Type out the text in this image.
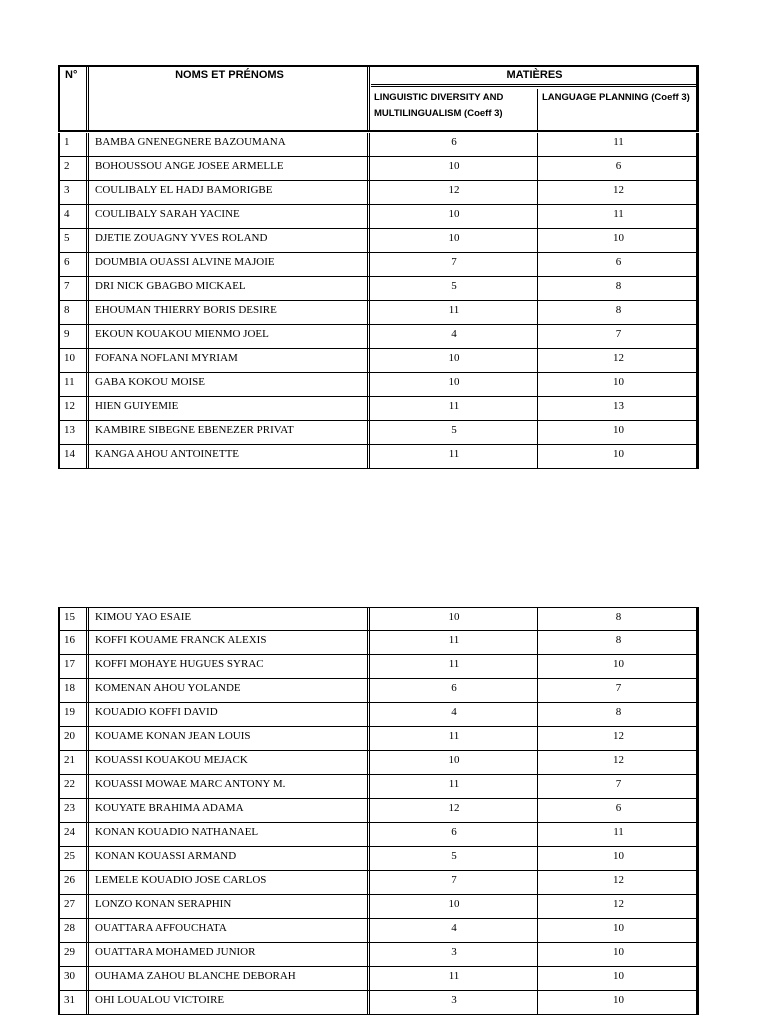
N°	NOMS ET PRÉNOMS	MATIÈRES
LINGUISTIC DIVERSITY AND MULTILINGUALISM (Coeff 3)
LANGUAGE PLANNING (Coeff 3)
1	BAMBA GNENEGNERE BAZOUMANA	6	11
2	BOHOUSSOU ANGE JOSEE ARMELLE	10	6
3	COULIBALY EL HADJ BAMORIGBE	12	12
4	COULIBALY SARAH YACINE	10	11
5	DJETIE ZOUAGNY YVES ROLAND	10	10
6	DOUMBIA OUASSI ALVINE MAJOIE	7	6
7	DRI NICK GBAGBO MICKAEL	5	8
8	EHOUMAN THIERRY BORIS DESIRE	11	8
9	EKOUN KOUAKOU MIENMO JOEL	4	7
10	FOFANA NOFLANI MYRIAM	10	12
11	GABA KOKOU MOISE	10	10
12	HIEN GUIYEMIE	11	13
13	KAMBIRE SIBEGNE EBENEZER PRIVAT	5	10
14	KANGA AHOU ANTOINETTE	11	10
15	KIMOU YAO ESAIE	10	8
16	KOFFI KOUAME FRANCK ALEXIS	11	8
17	KOFFI MOHAYE HUGUES SYRAC	11	10
18	KOMENAN AHOU YOLANDE	6	7
19	KOUADIO KOFFI DAVID	4	8
20	KOUAME KONAN JEAN LOUIS	11	12
21	KOUASSI KOUAKOU MEJACK	10	12
22	KOUASSI MOWAE MARC ANTONY M.	11	7
23	KOUYATE BRAHIMA ADAMA	12	6
24	KONAN KOUADIO NATHANAEL	6	11
25	KONAN KOUASSI ARMAND	5	10
26	LEMELE KOUADIO JOSE CARLOS	7	12
27	LONZO KONAN SERAPHIN	10	12
28	OUATTARA AFFOUCHATA	4	10
29	OUATTARA MOHAMED JUNIOR	3	10
30	OUHAMA ZAHOU BLANCHE DEBORAH	11	10
31	OHI LOUALOU VICTOIRE	3	10
